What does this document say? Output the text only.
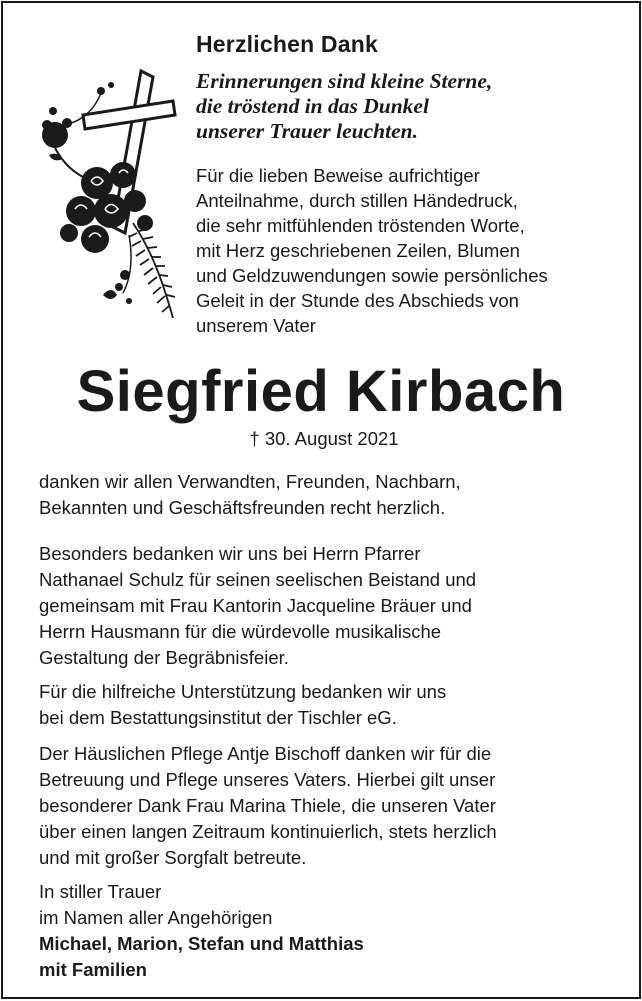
Herzlichen Dank
Erinnerungen sind kleine Sterne,
die tröstend in das Dunkel
unserer Trauer leuchten.
Für die lieben Beweise aufrichtiger
Anteilnahme, durch stillen Händedruck,
die sehr mitfühlenden tröstenden Worte,
mit Herz geschriebenen Zeilen, Blumen
und Geldzuwendungen sowie persönliches
Geleit in der Stunde des Abschieds von
unserem Vater
Siegfried Kirbach
† 30. August 2021
danken wir allen Verwandten, Freunden, Nachbarn,
Bekannten und Geschäftsfreunden recht herzlich.
Besonders bedanken wir uns bei Herrn Pfarrer
Nathanael Schulz für seinen seelischen Beistand und
gemeinsam mit Frau Kantorin Jacqueline Bräuer und
Herrn Hausmann für die würdevolle musikalische
Gestaltung der Begräbnisfeier.
Für die hilfreiche Unterstützung bedanken wir uns
bei dem Bestattungsinstitut der Tischler eG.
Der Häuslichen Pflege Antje Bischoff danken wir für die
Betreuung und Pflege unseres Vaters. Hierbei gilt unser
besonderer Dank Frau Marina Thiele, die unseren Vater
über einen langen Zeitraum kontinuierlich, stets herzlich
und mit großer Sorgfalt betreute.
In stiller Trauer
im Namen aller Angehörigen
Michael, Marion, Stefan und Matthias
mit Familien
